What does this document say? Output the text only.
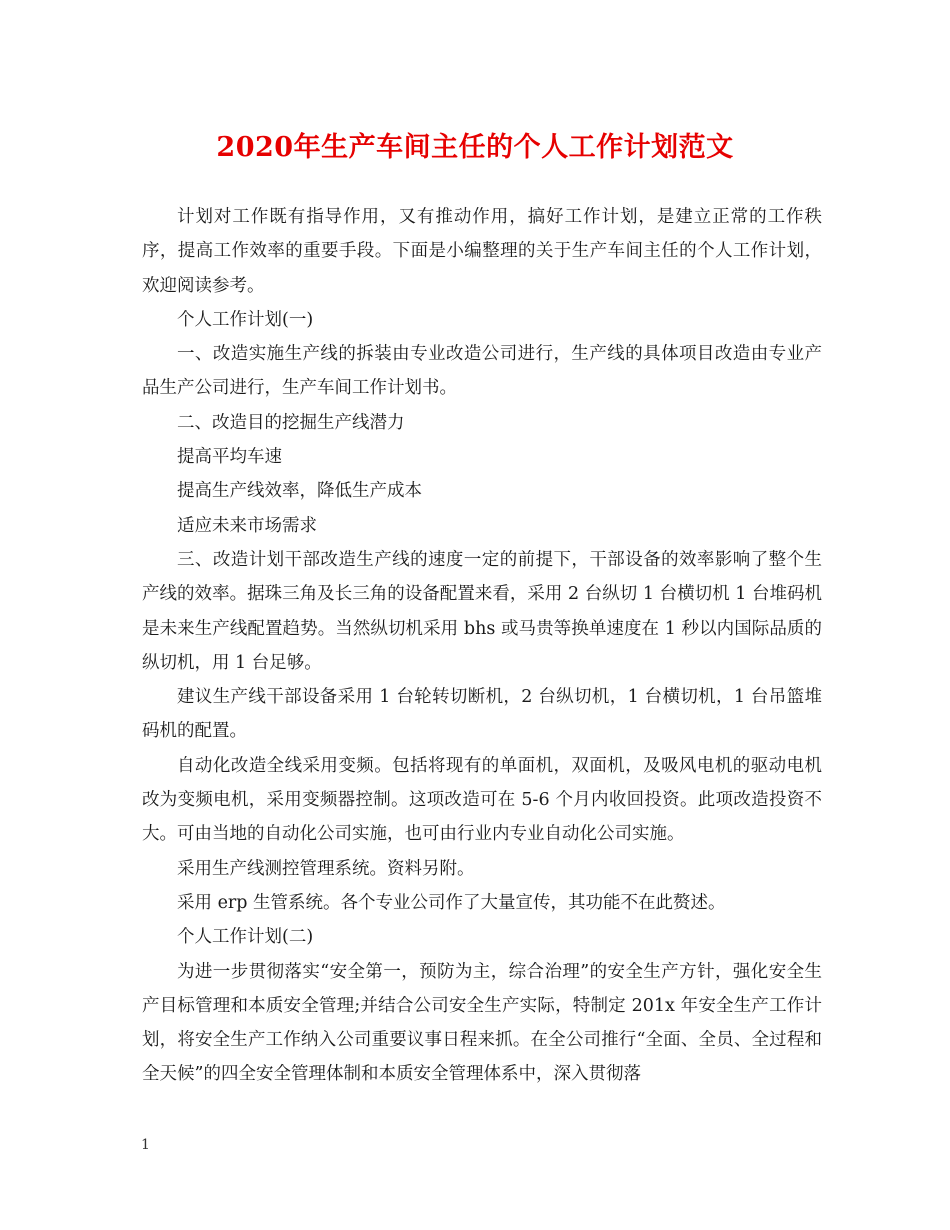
2020年生产车间主任的个人工作计划范文

计划对工作既有指导作用，又有推动作用，搞好工作计划，是建立正常的工作秩序，提高工作效率的重要手段。下面是小编整理的关于生产车间主任的个人工作计划，欢迎阅读参考。

个人工作计划(一)

一、改造实施生产线的拆装由专业改造公司进行，生产线的具体项目改造由专业产品生产公司进行，生产车间工作计划书。

二、改造目的挖掘生产线潜力

提高平均车速

提高生产线效率，降低生产成本

适应未来市场需求

三、改造计划干部改造生产线的速度一定的前提下，干部设备的效率影响了整个生产线的效率。据珠三角及长三角的设备配置来看，采用 2 台纵切 1 台横切机 1 台堆码机是未来生产线配置趋势。当然纵切机采用 bhs 或马贵等换单速度在 1 秒以内国际品质的纵切机，用 1 台足够。

建议生产线干部设备采用 1 台轮转切断机，2 台纵切机，1 台横切机，1 台吊篮堆码机的配置。

自动化改造全线采用变频。包括将现有的单面机，双面机，及吸风电机的驱动电机改为变频电机，采用变频器控制。这项改造可在 5-6 个月内收回投资。此项改造投资不大。可由当地的自动化公司实施，也可由行业内专业自动化公司实施。

采用生产线测控管理系统。资料另附。

采用 erp 生管系统。各个专业公司作了大量宣传，其功能不在此赘述。

个人工作计划(二)

为进一步贯彻落实“安全第一，预防为主，综合治理”的安全生产方针，强化安全生产目标管理和本质安全管理;并结合公司安全生产实际，特制定 201x 年安全生产工作计划，将安全生产工作纳入公司重要议事日程来抓。在全公司推行“全面、全员、全过程和全天候”的四全安全管理体制和本质安全管理体系中，深入贯彻落

1
